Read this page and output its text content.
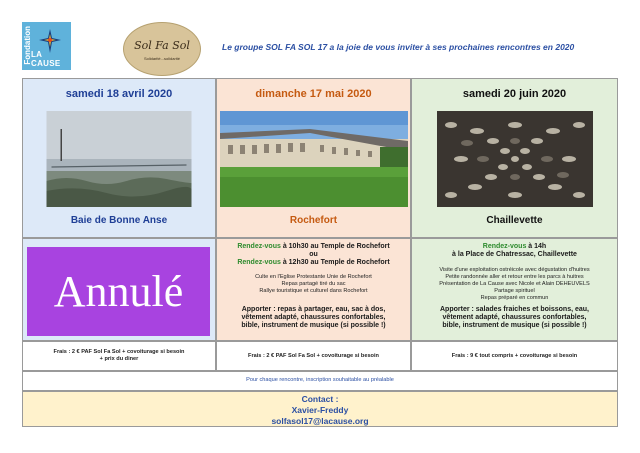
Fondation LA CAUSE
Sol Fa Sol
Solidarité...solidarité
Le groupe SOL FA SOL 17 a la joie de vous inviter à ses prochaines rencontres en 2020
samedi 18 avril 2020
Baie de Bonne Anse
dimanche 17 mai 2020
Rochefort
samedi 20 juin 2020
Chaillevette
Annulé
Rendez-vous à 10h30 au Temple de Rochefort
ou
Rendez-vous à 12h30 au Temple de Rochefort
Culte en l'Eglise Protestante Unie de Rochefort
Repas partagé tiré du sac
Rallye touristique et culturel dans Rochefort
Apporter : repas à partager, eau, sac à dos,
vêtement adapté, chaussures confortables,
bible, instrument de musique (si possible !)
Rendez-vous à 14h
à la Place de Chatressac, Chaillevette
Visite d'une exploitation ostréicole avec dégustation d'huitres
Petite randonnée aller et retour entre les parcs à huitres
Présentation de La Cause avec Nicole et Alain DEHEUVELS
Partage spirituel
Repas préparé en commun
Apporter : salades fraiches et boissons, eau,
vêtement adapté, chaussures confortables,
bible, instrument de musique (si possible !)
Frais : 2 € PAF Sol Fa Sol + covoiturage si besoin
+ prix du diner	Frais : 2 € PAF Sol Fa Sol + covoiturage si besoin	Frais : 9 € tout compris + covoiturage si besoin
Pour chaque rencontre, inscription souhaitable au préalable
Contact :
Xavier-Freddy
solfasol17@lacause.org
